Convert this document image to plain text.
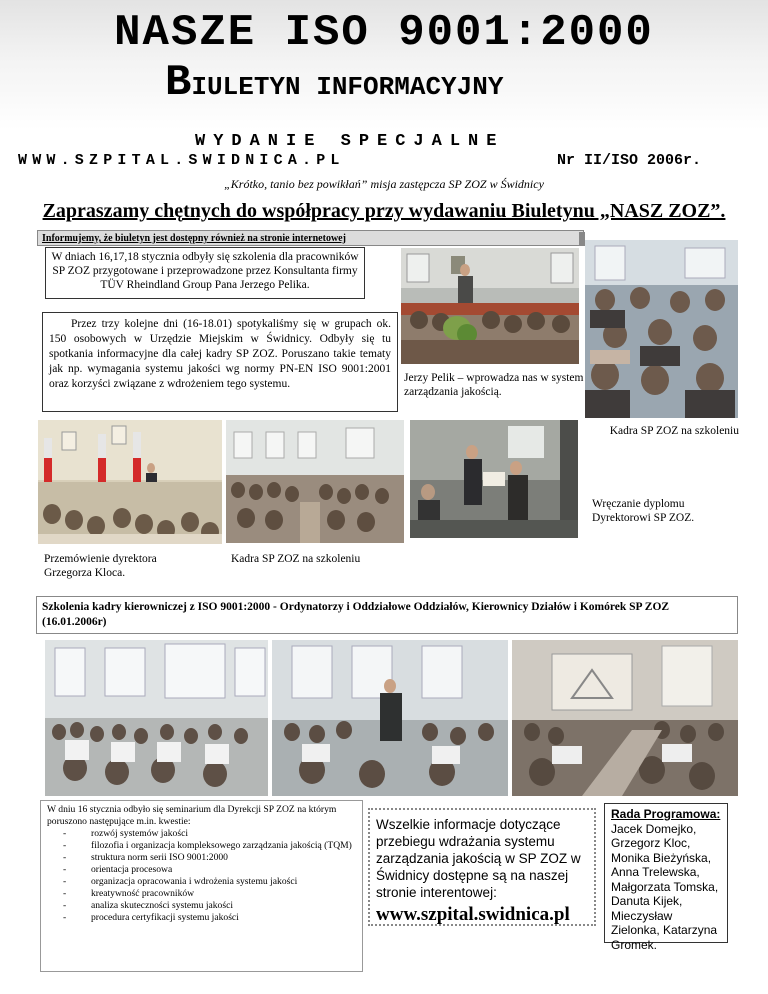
NASZE ISO 9001:2000
BIULETYN INFORMACYJNY
WYDANIE SPECJALNE
WWW.SZPITAL.SWIDNICA.PL	Nr II/ISO 2006r.
„Krótko, tanio bez powikłań” misja zastępcza SP ZOZ w Świdnicy
Zapraszamy chętnych do współpracy przy wydawaniu Biuletynu „NASZ ZOZ”.
Informujemy, że biuletyn jest dostępny również na stronie internetowej
W dniach 16,17,18 stycznia odbyły się szkolenia dla pracowników SP ZOZ przygotowane i przeprowadzone przez Konsultanta firmy TÜV Rheindland Group Pana Jerzego Pelika.
Przez trzy kolejne dni (16-18.01) spotykaliśmy się w grupach ok. 150 osobowych w Urzędzie Miejskim w Świdnicy. Odbyły się tu spotkania informacyjne dla całej kadry SP ZOZ. Poruszano takie tematy jak np. wymagania systemu jakości wg normy PN-EN ISO 9001:2001 oraz korzyści związane z wdrożeniem tego systemu.	Jerzy Pelik – wprowadza nas w system zarządzania jakością.
Kadra SP ZOZ na szkoleniu
Przemówienie dyrektora Grzegorza Kloca.
Kadra SP ZOZ na szkoleniu
Wręczanie dyplomu Dyrektorowi SP ZOZ.
Szkolenia kadry kierowniczej z ISO 9001:2000 - Ordynatorzy i Oddziałowe Oddziałów, Kierownicy Działów i Komórek SP ZOZ (16.01.2006r)
W dniu 16 stycznia odbyło się seminarium dla Dyrekcji SP ZOZ na którym poruszono następujące m.in. kwestie:
- rozwój systemów jakości
- filozofia i organizacja kompleksowego zarządzania jakością (TQM)
- struktura norm serii ISO 9001:2000
- orientacja procesowa
- organizacja opracowania i wdrożenia systemu jakości
- kreatywność pracowników
- analiza skuteczności systemu jakości
- procedura certyfikacji systemu jakości
Wszelkie informacje dotyczące przebiegu wdrażania systemu zarządzania jakością w SP ZOZ w Świdnicy dostępne są na naszej stronie interentowej:
www.szpital.swidnica.pl
Rada Programowa:
Jacek Domejko, Grzegorz Kloc, Monika Bieżyńska, Anna Trelewska, Małgorzata Tomska, Danuta Kijek, Mieczysław Zielonka, Katarzyna Gromek.
